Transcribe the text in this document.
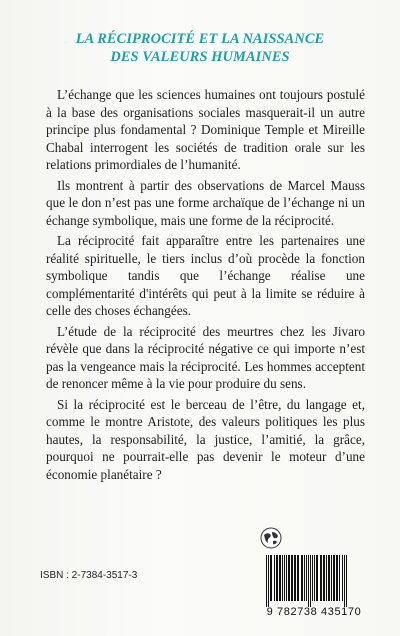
LA RÉCIPROCITÉ ET LA NAISSANCE
DES VALEURS HUMAINES

L’échange que les sciences humaines ont toujours postulé à la base des organisations sociales masquerait-il un autre principe plus fondamental ? Dominique Temple et Mireille Chabal interrogent les sociétés de tradition orale sur les relations primordiales de l’humanité.

Ils montrent à partir des observations de Marcel Mauss que le don n’est pas une forme archaïque de l’échange ni un échange symbolique, mais une forme de la réciprocité.

La réciprocité fait apparaître entre les partenaires une réalité spirituelle, le tiers inclus d’où procède la fonction symbolique tandis que l’échange réalise une complémentarité d'intérêts qui peut à la limite se réduire à celle des choses échangées.

L’étude de la réciprocité des meurtres chez les Jivaro révèle que dans la réciprocité négative ce qui importe n’est pas la vengeance mais la réciprocité. Les hommes acceptent de renoncer même à la vie pour produire du sens.

Si la réciprocité est le berceau de l’être, du langage et, comme le montre Aristote, des valeurs politiques les plus hautes, la responsabilité, la justice, l’amitié, la grâce, pourquoi ne pourrait-elle pas devenir le moteur d’une économie planétaire ?

ISBN : 2-7384-3517-3
9 782738 435170
